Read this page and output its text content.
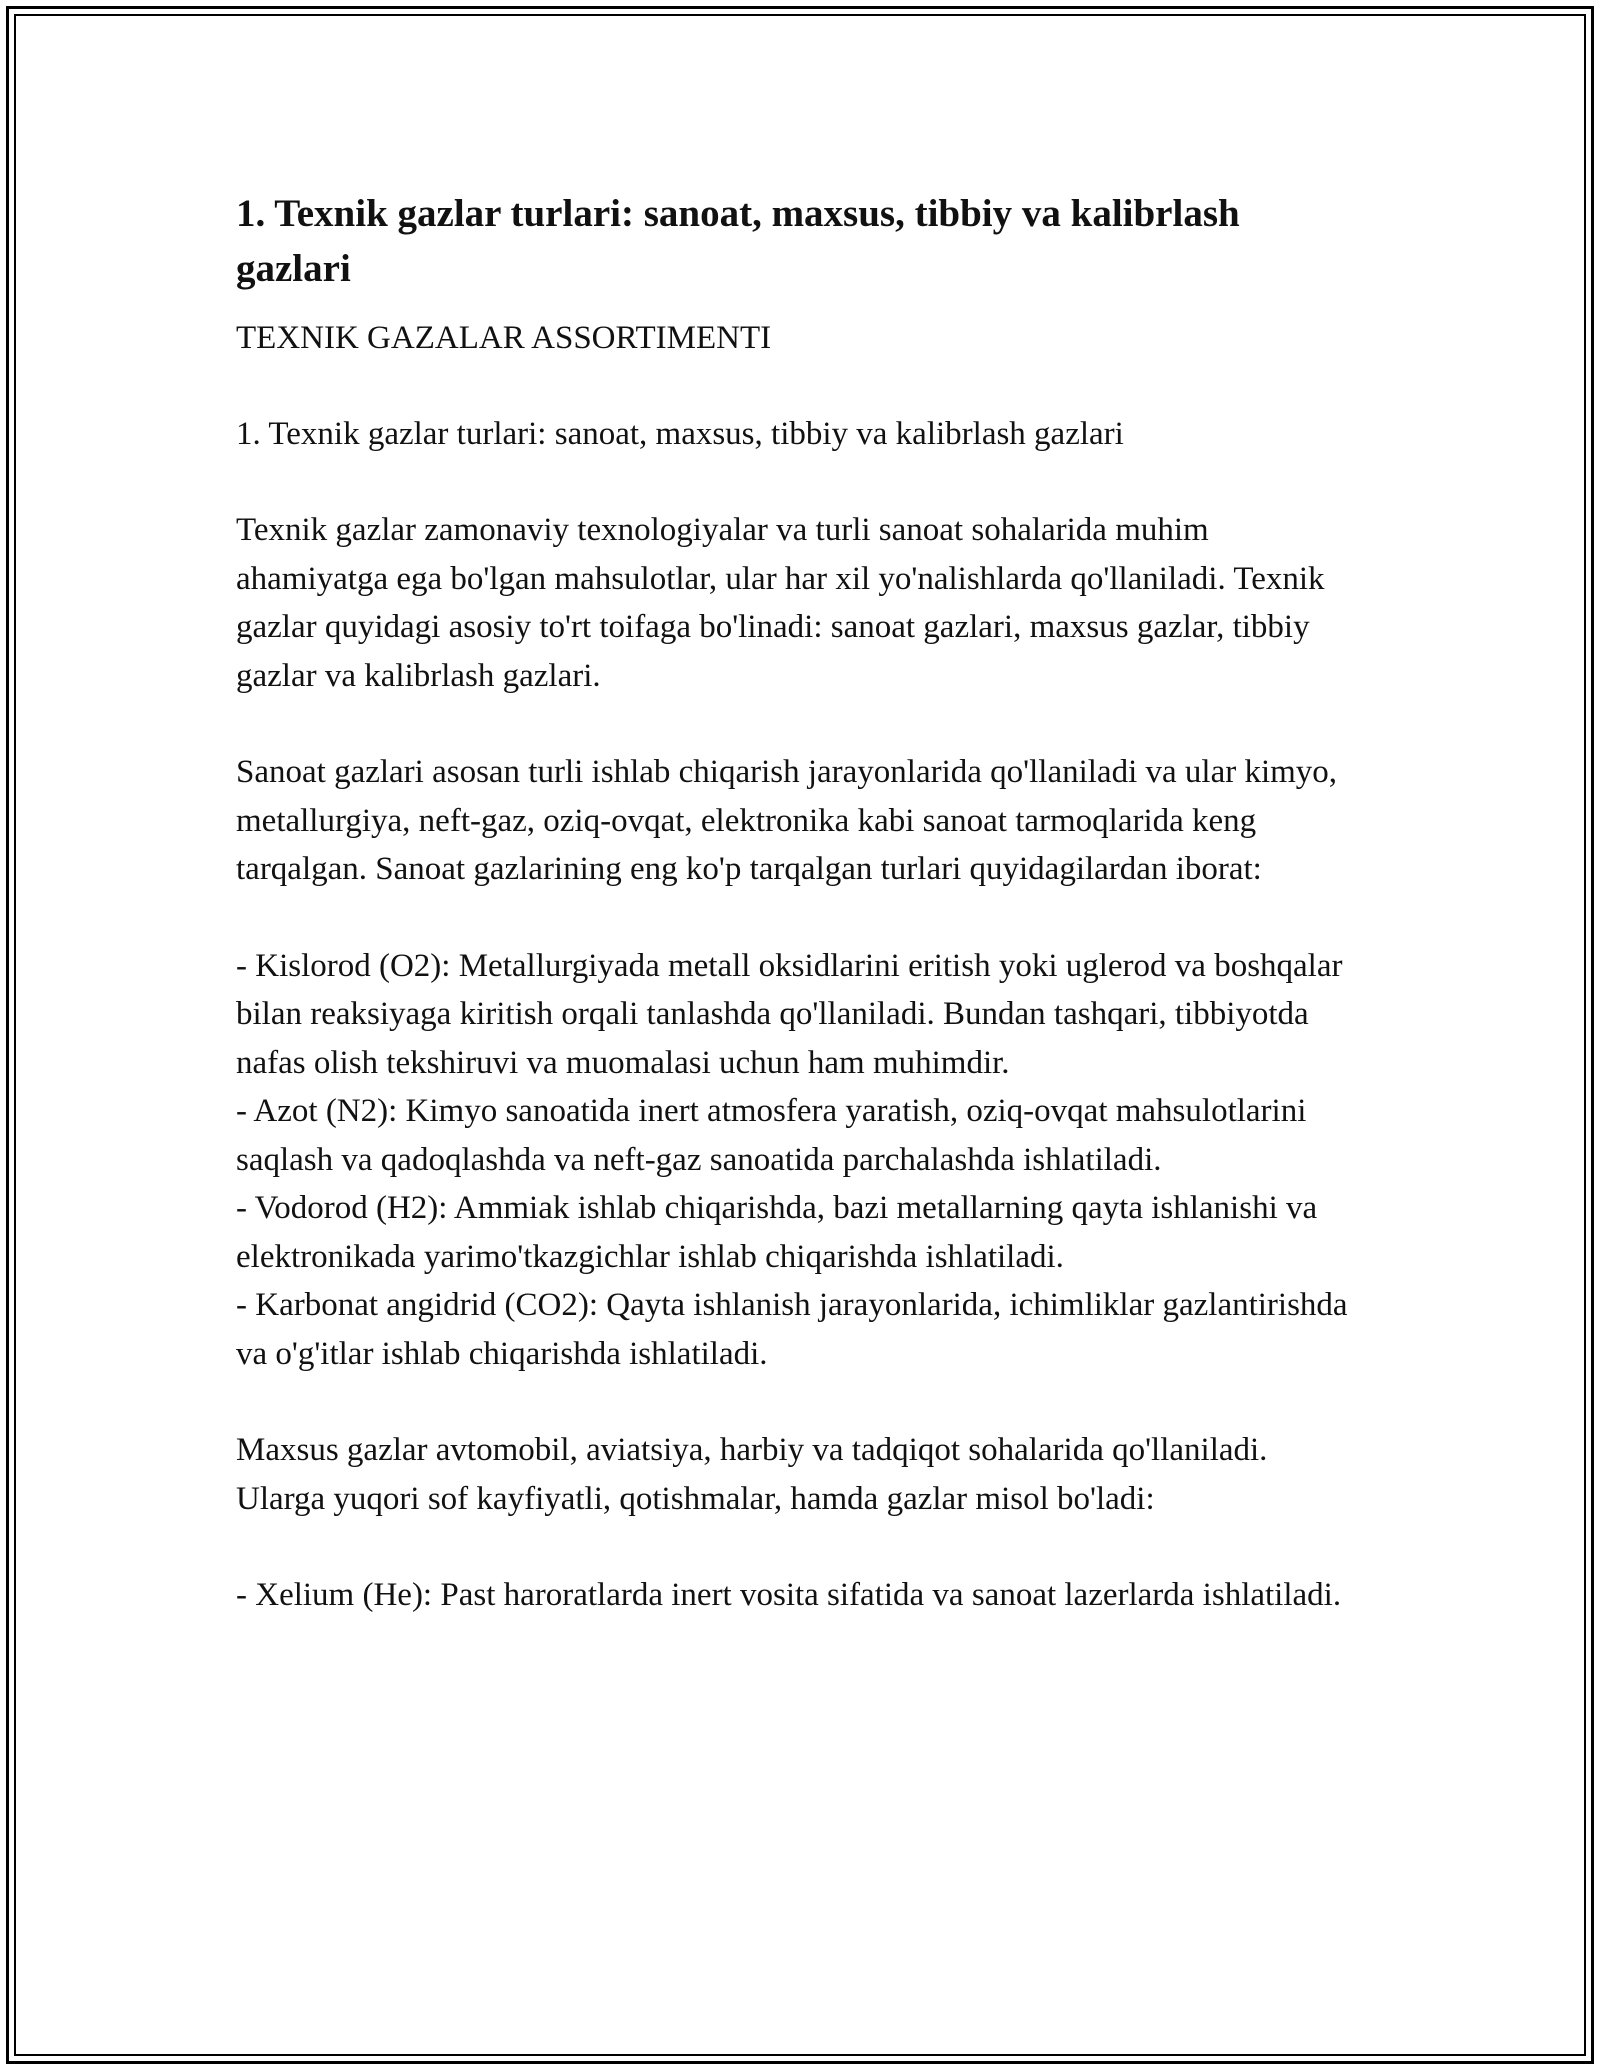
1. Texnik gazlar turlari: sanoat, maxsus, tibbiy va kalibrlash gazlari

TEXNIK GAZALAR ASSORTIMENTI

1. Texnik gazlar turlari: sanoat, maxsus, tibbiy va kalibrlash gazlari

Texnik gazlar zamonaviy texnologiyalar va turli sanoat sohalarida muhim ahamiyatga ega bo'lgan mahsulotlar, ular har xil yo'nalishlarda qo'llaniladi. Texnik gazlar quyidagi asosiy to'rt toifaga bo'linadi: sanoat gazlari, maxsus gazlar, tibbiy gazlar va kalibrlash gazlari.

Sanoat gazlari asosan turli ishlab chiqarish jarayonlarida qo'llaniladi va ular kimyo, metallurgiya, neft-gaz, oziq-ovqat, elektronika kabi sanoat tarmoqlarida keng tarqalgan. Sanoat gazlarining eng ko'p tarqalgan turlari quyidagilardan iborat:

- Kislorod (O2): Metallurgiyada metall oksidlarini eritish yoki uglerod va boshqalar bilan reaksiyaga kiritish orqali tanlashda qo'llaniladi. Bundan tashqari, tibbiyotda nafas olish tekshiruvi va muomalasi uchun ham muhimdir.
- Azot (N2): Kimyo sanoatida inert atmosfera yaratish, oziq-ovqat mahsulotlarini saqlash va qadoqlashda va neft-gaz sanoatida parchalashda ishlatiladi.
- Vodorod (H2): Ammiak ishlab chiqarishda, bazi metallarning qayta ishlanishi va elektronikada yarimo'tkazgichlar ishlab chiqarishda ishlatiladi.
- Karbonat angidrid (CO2): Qayta ishlanish jarayonlarida, ichimliklar gazlantirishda va o'g'itlar ishlab chiqarishda ishlatiladi.

Maxsus gazlar avtomobil, aviatsiya, harbiy va tadqiqot sohalarida qo'llaniladi. Ularga yuqori sof kayfiyatli, qotishmalar, hamda gazlar misol bo'ladi:

- Xelium (He): Past haroratlarda inert vosita sifatida va sanoat lazerlarda ishlatiladi.
